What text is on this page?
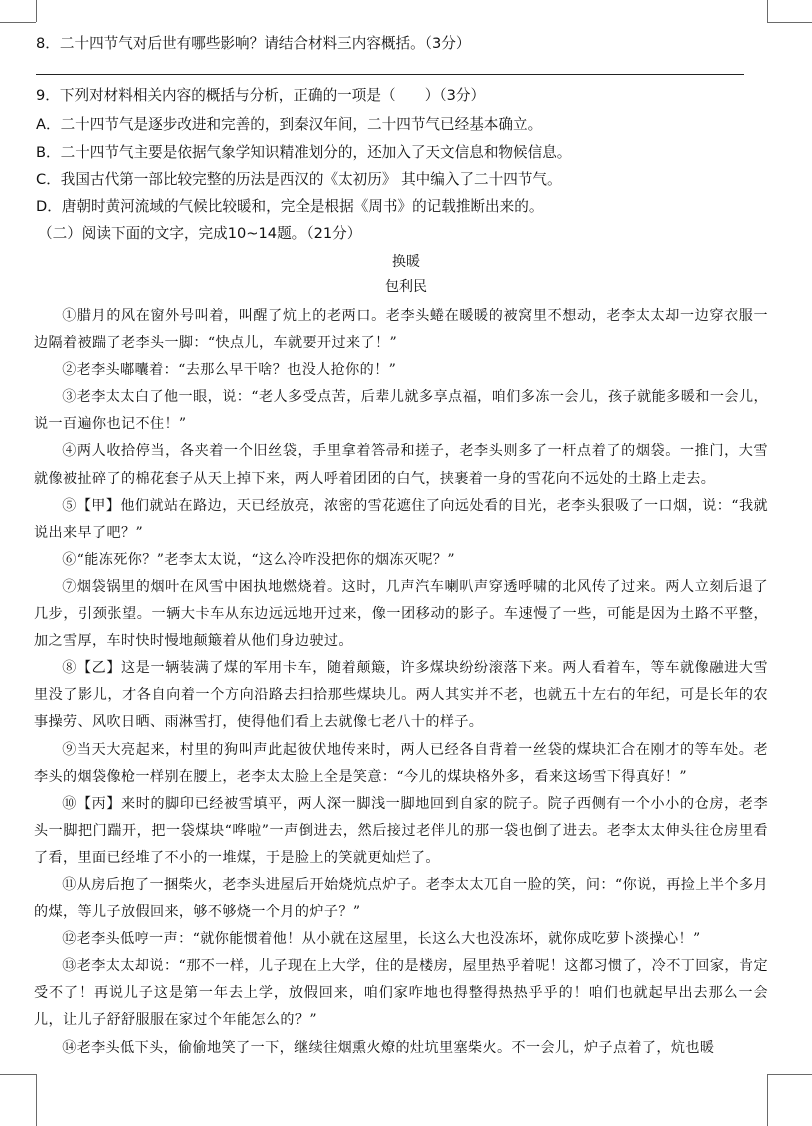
8．二十四节气对后世有哪些影响？请结合材料三内容概括。（3分）
9．下列对材料相关内容的概括与分析，正确的一项是（　　）（3分）
A．二十四节气是逐步改进和完善的，到秦汉年间，二十四节气已经基本确立。
B．二十四节气主要是依据气象学知识精准划分的，还加入了天文信息和物候信息。
C．我国古代第一部比较完整的历法是西汉的《太初历》 其中编入了二十四节气。
D．唐朝时黄河流域的气候比较暖和，完全是根据《周书》的记载推断出来的。
（二）阅读下面的文字，完成10~14题。（21分）
换暖
包利民

①腊月的风在窗外号叫着，叫醒了炕上的老两口。老李头蜷在暖暖的被窝里不想动，老李太太却一边穿衣服一边隔着被踹了老李头一脚：“快点儿，车就要开过来了！”

②老李头嘟囔着：“去那么早干啥？也没人抢你的！”

③老李太太白了他一眼，说：“老人多受点苦，后辈儿就多享点福，咱们多冻一会儿，孩子就能多暖和一会儿，说一百遍你也记不住！”

④两人收拾停当，各夹着一个旧丝袋，手里拿着答帚和搓子，老李头则多了一杆点着了的烟袋。一推门，大雪就像被扯碎了的棉花套子从天上掉下来，两人呼着团团的白气，挟裹着一身的雪花向不远处的土路上走去。

⑤【甲】他们就站在路边，天已经放亮，浓密的雪花遮住了向远处看的目光，老李头狠吸了一口烟，说：“我就说出来早了吧？”

⑥“能冻死你？”老李太太说，“这么冷咋没把你的烟冻灭呢？”

⑦烟袋锅里的烟叶在风雪中困执地燃烧着。这时，几声汽车喇叭声穿透呼啸的北风传了过来。两人立刻后退了几步，引颈张望。一辆大卡车从东边远远地开过来，像一团移动的影子。车速慢了一些，可能是因为土路不平整，加之雪厚，车时快时慢地颠簸着从他们身边驶过。

⑧【乙】这是一辆装满了煤的军用卡车，随着颠簸，许多煤块纷纷滚落下来。两人看着车，等车就像融进大雪里没了影儿，才各自向着一个方向沿路去扫拾那些煤块儿。两人其实并不老，也就五十左右的年纪，可是长年的农事操劳、风吹日晒、雨淋雪打，使得他们看上去就像七老八十的样子。

⑨当天大亮起来，村里的狗叫声此起彼伏地传来时，两人已经各自背着一丝袋的煤块汇合在刚才的等车处。老李头的烟袋像枪一样别在腰上，老李太太脸上全是笑意：“今儿的煤块格外多，看来这场雪下得真好！”

⑩【丙】来时的脚印已经被雪填平，两人深一脚浅一脚地回到自家的院子。院子西侧有一个小小的仓房，老李头一脚把门踹开，把一袋煤块“哗啦”一声倒进去，然后接过老伴儿的那一袋也倒了进去。老李太太伸头往仓房里看了看，里面已经堆了不小的一堆煤，于是脸上的笑就更灿烂了。

⑪从房后抱了一捆柴火，老李头进屋后开始烧炕点炉子。老李太太兀自一脸的笑，问：“你说，再捡上半个多月的煤，等儿子放假回来，够不够烧一个月的炉子？”

⑫老李头低哼一声：“就你能惯着他！从小就在这屋里，长这么大也没冻坏，就你成吃萝卜淡操心！”

⑬老李太太却说：“那不一样，儿子现在上大学，住的是楼房，屋里热乎着呢！这都习惯了，冷不丁回家，肯定受不了！再说儿子这是第一年去上学，放假回来，咱们家咋地也得整得热热乎乎的！咱们也就起早出去那么一会儿，让儿子舒舒服服在家过个年能怎么的？”

⑭老李头低下头，偷偷地笑了一下，继续往烟熏火燎的灶坑里塞柴火。不一会儿，炉子点着了，炕也暖
